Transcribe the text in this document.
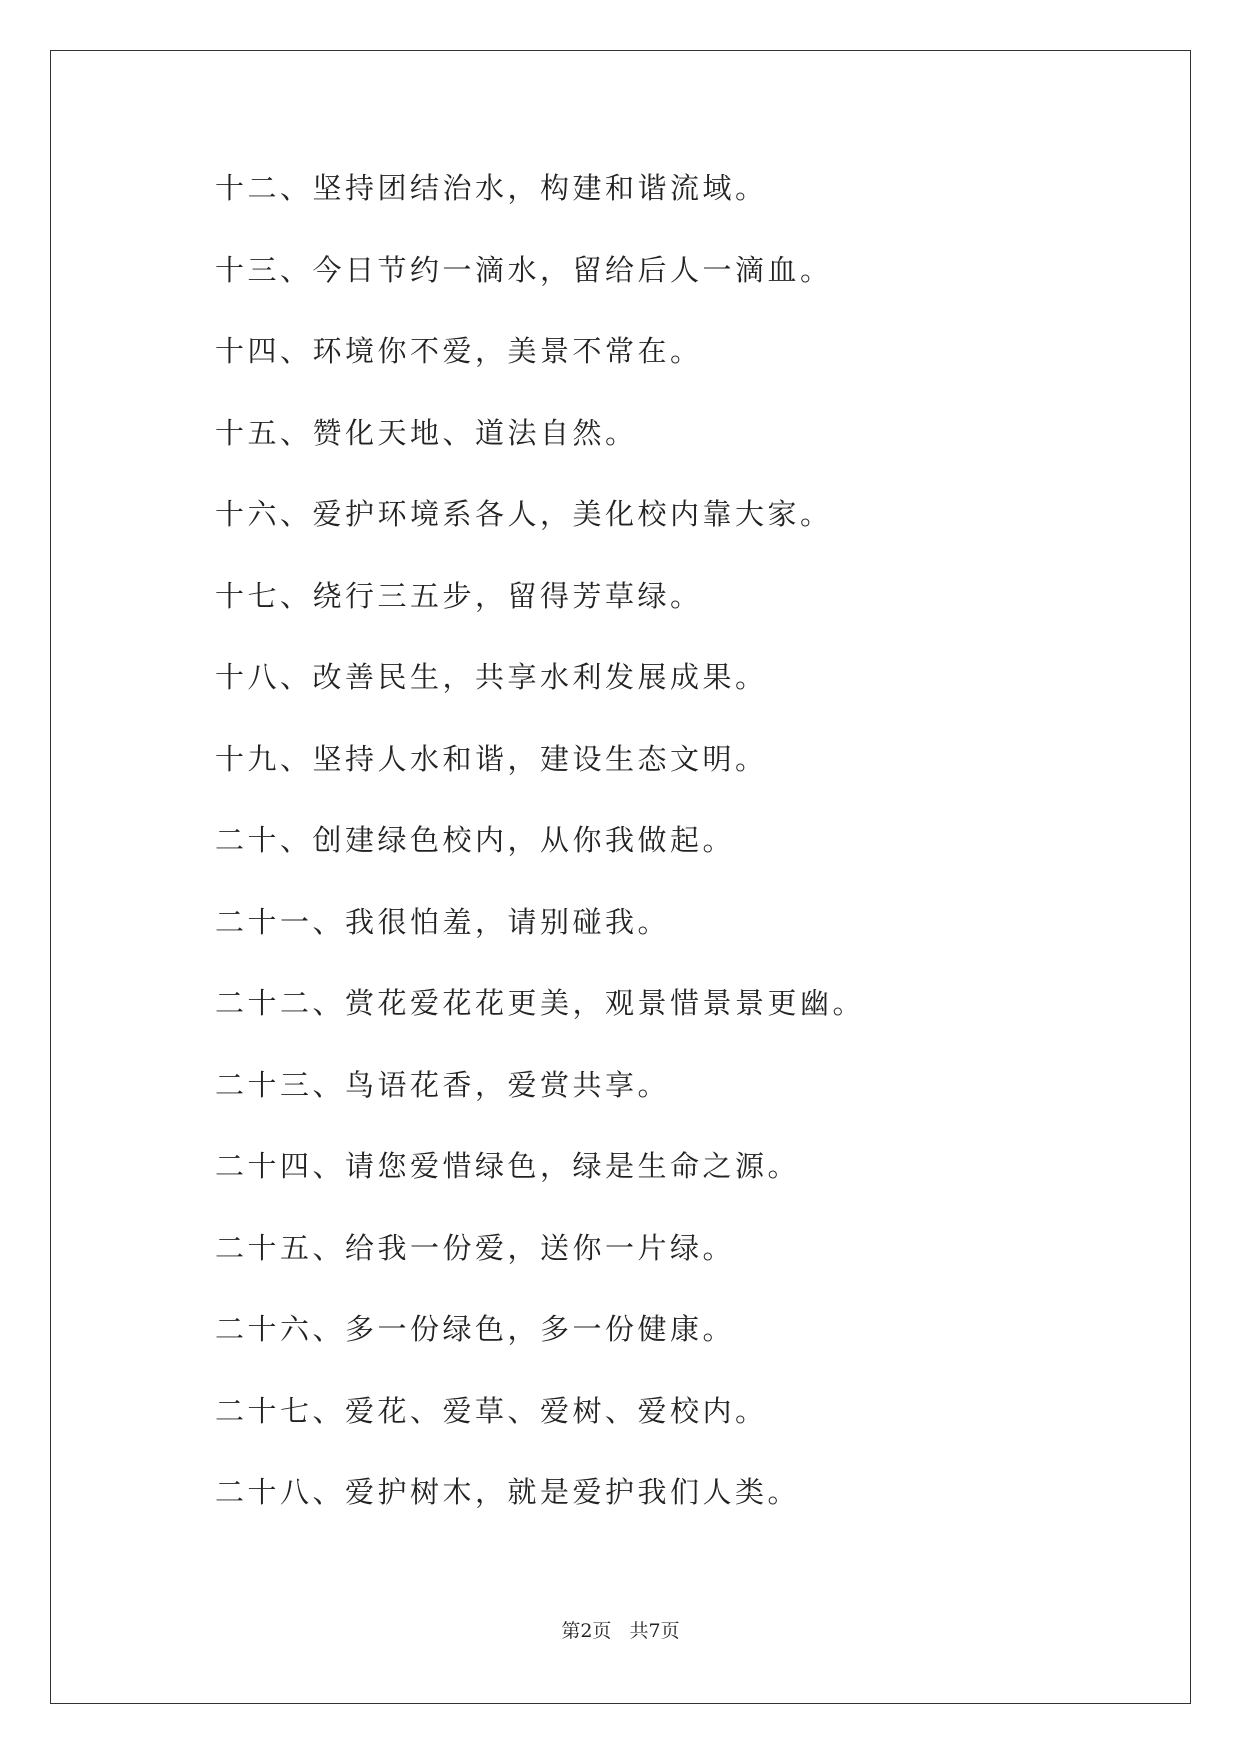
十二、坚持团结治水，构建和谐流域。
十三、今日节约一滴水，留给后人一滴血。
十四、环境你不爱，美景不常在。
十五、赞化天地、道法自然。
十六、爱护环境系各人，美化校内靠大家。
十七、绕行三五步，留得芳草绿。
十八、改善民生，共享水利发展成果。
十九、坚持人水和谐，建设生态文明。
二十、创建绿色校内，从你我做起。
二十一、我很怕羞，请别碰我。
二十二、赏花爱花花更美，观景惜景景更幽。
二十三、鸟语花香，爱赏共享。
二十四、请您爱惜绿色，绿是生命之源。
二十五、给我一份爱，送你一片绿。
二十六、多一份绿色，多一份健康。
二十七、爱花、爱草、爱树、爱校内。
二十八、爱护树木，就是爱护我们人类。
第2页   共7页
